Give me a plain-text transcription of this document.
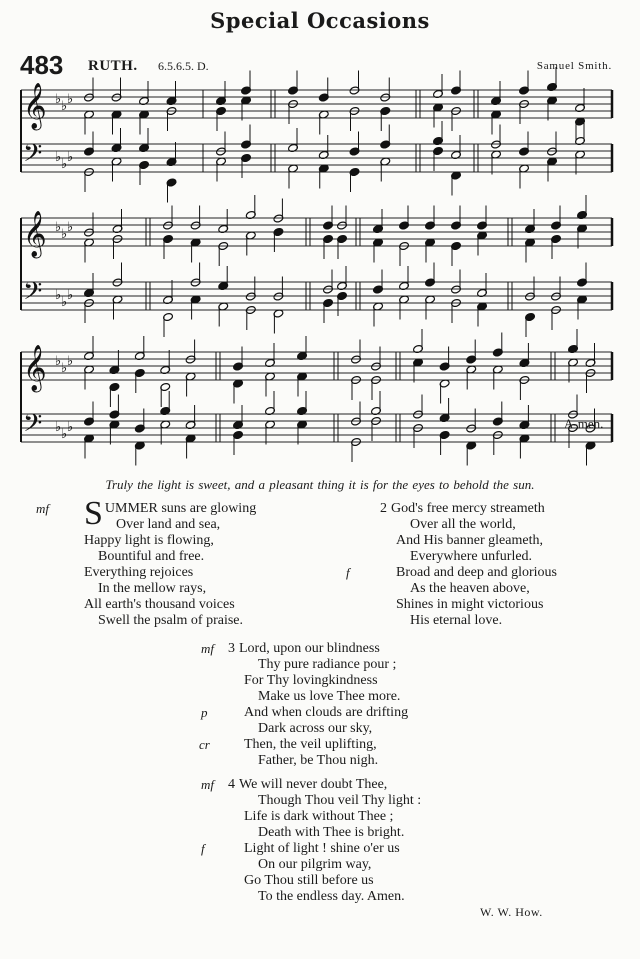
Special Occasions
483 RUTH. 6.5.6.5. D.	Samuel Smith.
𝄞 ♭ ♭ ♭
𝄢 ♭ ♭ ♭
𝄞 ♭ ♭ ♭
𝄢 ♭ ♭ ♭
𝄞 ♭ ♭ ♭
𝄢 ♭ ♭ ♭	A-men.
Truly the light is sweet, and a pleasant thing it is for the eyes to behold the sun.
mf SUMMER suns are glowing
Over land and sea,
Happy light is flowing,
Bountiful and free.
Everything rejoices
In the mellow rays,
All earth's thousand voices
Swell the psalm of praise.
f
2 God's free mercy streameth
Over all the world,
And His banner gleameth,
Everywhere unfurled.
Broad and deep and glorious
As the heaven above,
Shines in might victorious
His eternal love.
mf
p
cr
3 Lord, upon our blindness
Thy pure radiance pour ;
For Thy lovingkindness
Make us love Thee more.
And when clouds are drifting
Dark across our sky,
Then, the veil uplifting,
Father, be Thou nigh.
mf
f
4 We will never doubt Thee,
Though Thou veil Thy light :
Life is dark without Thee ;
Death with Thee is bright.
Light of light ! shine o'er us
On our pilgrim way,
Go Thou still before us
To the endless day. Amen.
W. W. How.
